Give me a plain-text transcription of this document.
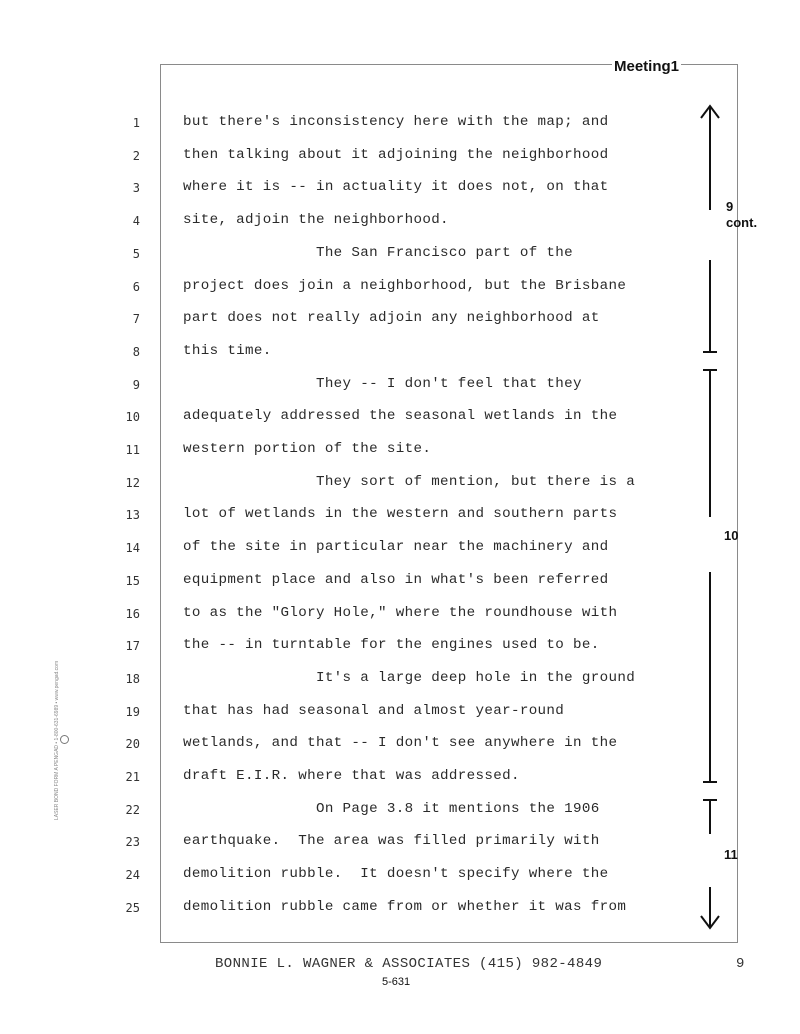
Meeting1
1	but there's inconsistency here with the map; and
2	then talking about it adjoining the neighborhood
3	where it is -- in actuality it does not, on that
4	site, adjoin the neighborhood.
5	The San Francisco part of the
6	project does join a neighborhood, but the Brisbane
7	part does not really adjoin any neighborhood at
8	this time.
9	They -- I don't feel that they
10	adequately addressed the seasonal wetlands in the
11	western portion of the site.
12	They sort of mention, but there is a
13	lot of wetlands in the western and southern parts
14	of the site in particular near the machinery and
15	equipment place and also in what's been referred
16	to as the "Glory Hole," where the roundhouse with
17	the -- in turntable for the engines used to be.
18	It's a large deep hole in the ground
19	that has had seasonal and almost year-round
20	wetlands, and that -- I don't see anywhere in the
21	draft E.I.R. where that was addressed.
22	On Page 3.8 it mentions the 1906
23	earthquake.  The area was filled primarily with
24	demolition rubble.  It doesn't specify where the
25	demolition rubble came from or whether it was from
9
cont.
10
11
LASER BOND FORM A PENGAD • 1-800-631-6989 • www.pengad.com
BONNIE L. WAGNER & ASSOCIATES (415) 982-4849	9
5-631
